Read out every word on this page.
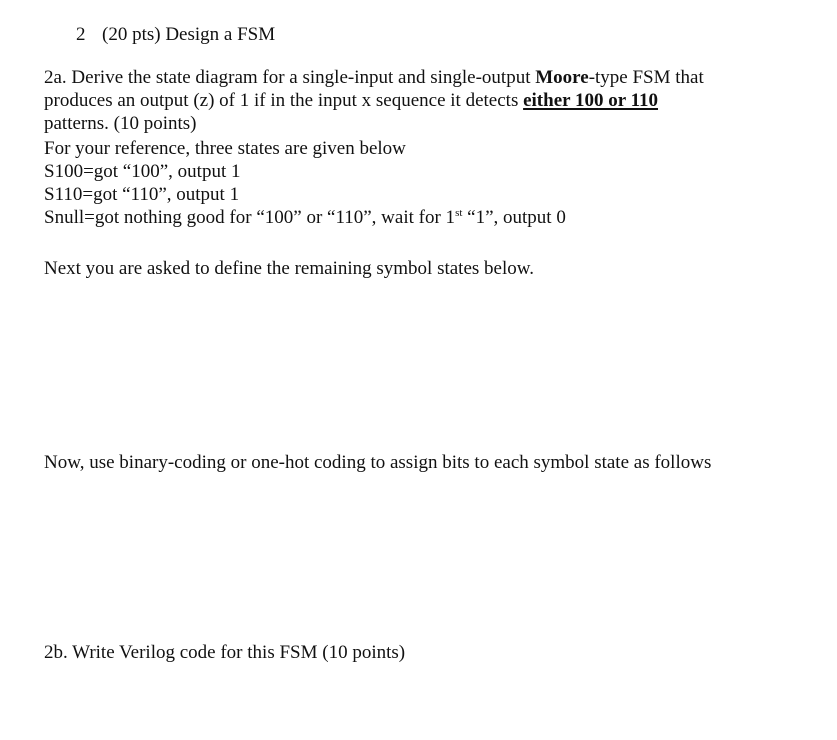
2 (20 pts) Design a FSM
2a. Derive the state diagram for a single-input and single-output Moore-type FSM that
produces an output (z) of 1 if in the input x sequence it detects either 100 or 110
patterns. (10 points)
For your reference, three states are given below
S100=got “100”, output 1
S110=got “110”, output 1
Snull=got nothing good for “100” or “110”, wait for 1st “1”, output 0
Next you are asked to define the remaining symbol states below.
Now, use binary-coding or one-hot coding to assign bits to each symbol state as follows
2b. Write Verilog code for this FSM (10 points)
